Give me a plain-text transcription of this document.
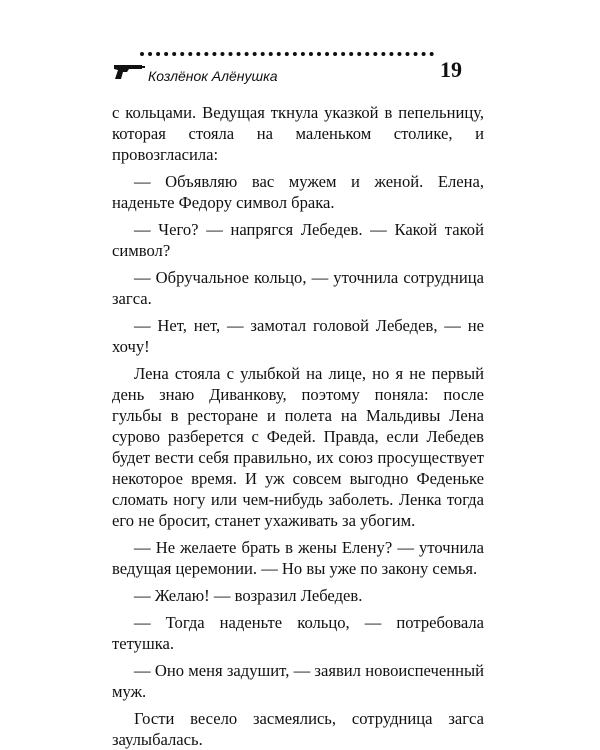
Козлёнок Алёнушка	19

с кольцами. Ведущая ткнула указкой в пепельницу, которая стояла на маленьком столике, и провозгласила:

— Объявляю вас мужем и женой. Елена, наденьте Федору символ брака.

— Чего? — напрягся Лебедев. — Какой такой символ?

— Обручальное кольцо, — уточнила сотрудница загса.

— Нет, нет, — замотал головой Лебедев, — не хочу!

Лена стояла с улыбкой на лице, но я не первый день знаю Диванкову, поэтому поняла: после гульбы в ресторане и полета на Мальдивы Лена сурово разберется с Федей. Правда, если Лебедев будет вести себя правильно, их союз просуществует некоторое время. И уж совсем выгодно Феденьке сломать ногу или чем-нибудь заболеть. Ленка тогда его не бросит, станет ухаживать за убогим.

— Не желаете брать в жены Елену? — уточнила ведущая церемонии. — Но вы уже по закону семья.

— Желаю! — возразил Лебедев.

— Тогда наденьте кольцо, — потребовала тетушка.

— Оно меня задушит, — заявил новоиспеченный муж.

Гости весело засмеялись, сотрудница загса заулыбалась.
